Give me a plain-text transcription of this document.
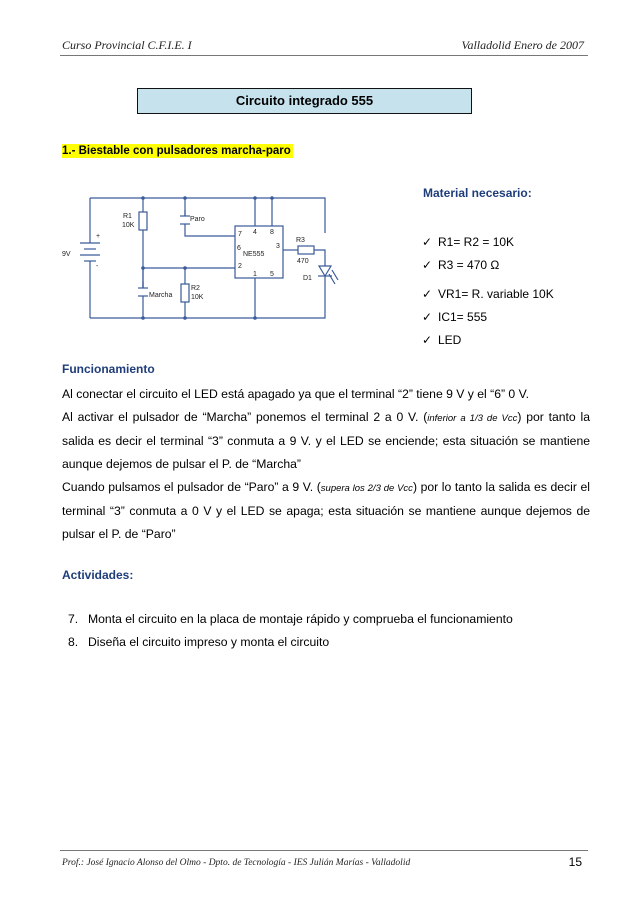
Curso Provincial C.F.I.E. I	Valladolid Enero de 2007
Circuito integrado 555
1.- Biestable con pulsadores marcha-paro
R1
10K
R2
10K
R3
470
Paro
Marcha
9V
+
-
D1
NE555
7 4 8
6	3
2
1 5
Material necesario:
✓ R1= R2 = 10K
✓ R3 = 470 Ω
✓ VR1= R. variable 10K
✓ IC1= 555
✓ LED
Funcionamiento

Al conectar el circuito el LED está apagado ya que el terminal “2” tiene 9 V y el “6” 0 V.

Al activar el pulsador de “Marcha” ponemos el terminal 2 a 0 V. (inferior a 1/3 de Vcc) por tanto la salida es decir el terminal “3” conmuta a 9 V. y el LED se enciende; esta situación se mantiene aunque dejemos de pulsar el P. de “Marcha”

Cuando pulsamos el pulsador de “Paro” a 9 V. (supera los 2/3 de Vcc) por lo tanto la salida es decir el terminal “3” conmuta a 0 V y el LED se apaga; esta situación se mantiene aunque dejemos de pulsar el P. de “Paro”

Actividades:
7. Monta el circuito en la placa de montaje rápido y comprueba el funcionamiento
8. Diseña el circuito impreso y monta el circuito
Prof.: José Ignacio Alonso del Olmo - Dpto. de Tecnología - IES Julián Marías - Valladolid	15
